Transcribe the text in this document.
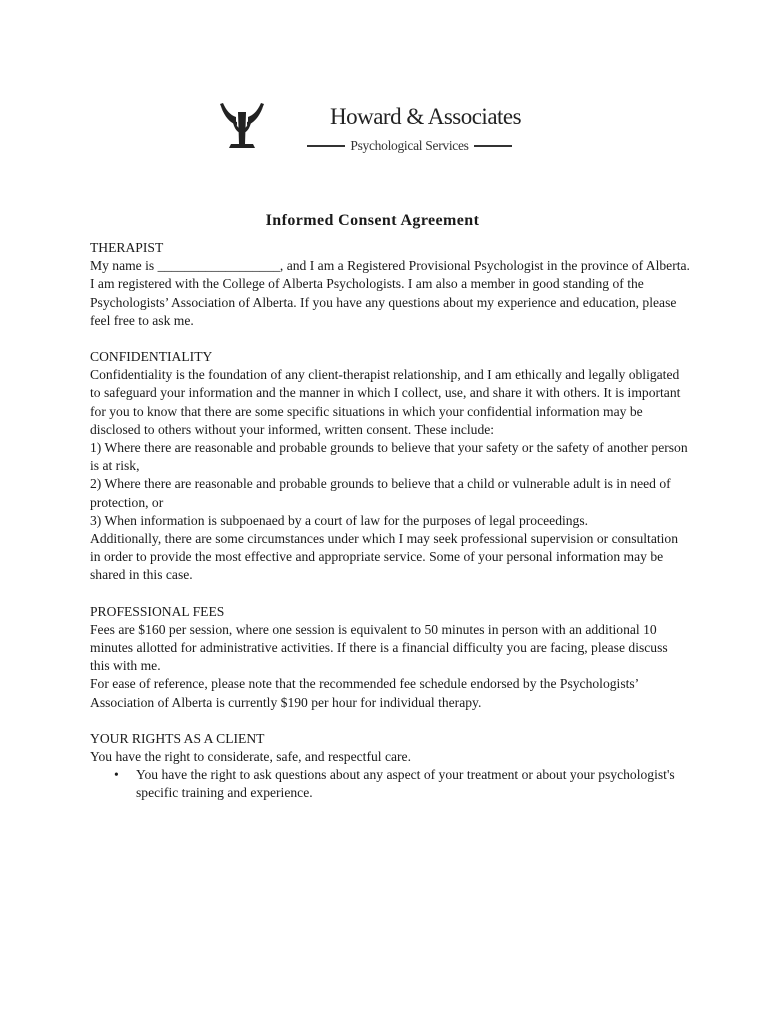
Howard & Associates
Psychological Services
Informed Consent Agreement
THERAPIST

My name is __________________, and I am a Registered Provisional Psychologist in the province of Alberta. I am registered with the College of Alberta Psychologists. I am also a member in good standing of the Psychologists’ Association of Alberta. If you have any questions about my experience and education, please feel free to ask me.

CONFIDENTIALITY

Confidentiality is the foundation of any client-therapist relationship, and I am ethically and legally obligated to safeguard your information and the manner in which I collect, use, and share it with others. It is important for you to know that there are some specific situations in which your confidential information may be disclosed to others without your informed, written consent. These include:

1) Where there are reasonable and probable grounds to believe that your safety or the safety of another person is at risk,

2) Where there are reasonable and probable grounds to believe that a child or vulnerable adult is in need of protection, or

3) When information is subpoenaed by a court of law for the purposes of legal proceedings.

Additionally, there are some circumstances under which I may seek professional supervision or consultation in order to provide the most effective and appropriate service. Some of your personal information may be shared in this case.

PROFESSIONAL FEES

Fees are $160 per session, where one session is equivalent to 50 minutes in person with an additional 10 minutes allotted for administrative activities. If there is a financial difficulty you are facing, please discuss this with me.

For ease of reference, please note that the recommended fee schedule endorsed by the Psychologists’ Association of Alberta is currently $190 per hour for individual therapy.

YOUR RIGHTS AS A CLIENT

You have the right to considerate, safe, and respectful care.

• You have the right to ask questions about any aspect of your treatment or about your psychologist's specific training and experience.
